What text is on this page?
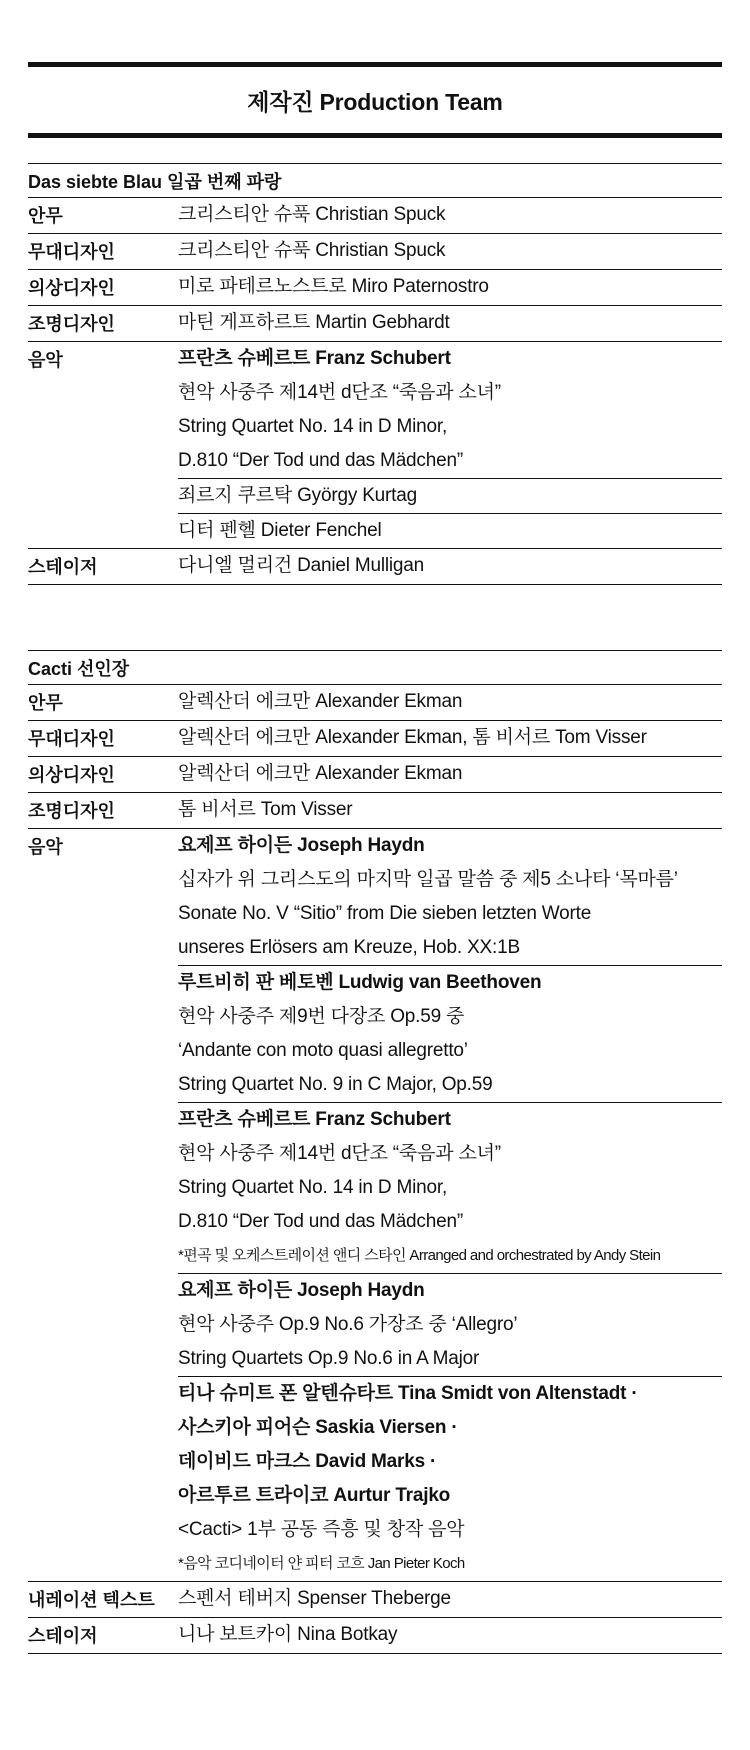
제작진 Production Team
Das siebte Blau 일곱 번째 파랑
안무	크리스티안 슈푹 Christian Spuck
무대디자인	크리스티안 슈푹 Christian Spuck
의상디자인	미로 파테르노스트로 Miro Paternostro
조명디자인	마틴 게프하르트 Martin Gebhardt
음악	프란츠 슈베르트 Franz Schubert
현악 사중주 제14번 d단조 “죽음과 소녀”
String Quartet No. 14 in D Minor,
D.810 “Der Tod und das Mädchen”
죄르지 쿠르탁 György Kurtag
디터 펜헬 Dieter Fenchel
스테이저	다니엘 멀리건 Daniel Mulligan
Cacti 선인장
안무	알렉산더 에크만 Alexander Ekman
무대디자인	알렉산더 에크만 Alexander Ekman, 톰 비서르 Tom Visser
의상디자인	알렉산더 에크만 Alexander Ekman
조명디자인	톰 비서르 Tom Visser
음악	요제프 하이든 Joseph Haydn
십자가 위 그리스도의 마지막 일곱 말씀 중 제5 소나타 ‘목마름’
Sonate No. V “Sitio” from Die sieben letzten Worte
unseres Erlösers am Kreuze, Hob. XX:1B
루트비히 판 베토벤 Ludwig van Beethoven
현악 사중주 제9번 다장조 Op.59 중
‘Andante con moto quasi allegretto’
String Quartet No. 9 in C Major, Op.59
프란츠 슈베르트 Franz Schubert
현악 사중주 제14번 d단조 “죽음과 소녀”
String Quartet No. 14 in D Minor,
D.810 “Der Tod und das Mädchen”
*편곡 및 오케스트레이션 앤디 스타인 Arranged and orchestrated by Andy Stein
요제프 하이든 Joseph Haydn
현악 사중주 Op.9 No.6 가장조 중 ‘Allegro’
String Quartets Op.9 No.6 in A Major
티나 슈미트 폰 알텐슈타트 Tina Smidt von Altenstadt ·
사스키아 피어슨 Saskia Viersen ·
데이비드 마크스 David Marks ·
아르투르 트라이코 Aurtur Trajko
<Cacti> 1부 공동 즉흥 및 창작 음악
*음악 코디네이터 얀 피터 코흐 Jan Pieter Koch
내레이션 텍스트	스펜서 테버지 Spenser Theberge
스테이저	니나 보트카이 Nina Botkay
